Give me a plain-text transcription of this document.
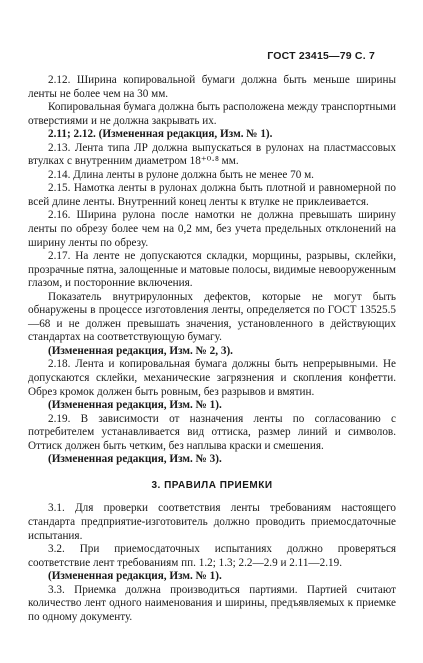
ГОСТ 23415—79 С. 7

2.12. Ширина копировальной бумаги должна быть меньше ширины ленты не более чем на 30 мм.

Копировальная бумага должна быть расположена между транспортными отверстиями и не должна закрывать их.

2.11; 2.12. (Измененная редакция, Изм. № 1).

2.13. Лента типа ЛР должна выпускаться в рулонах на пластмассовых втулках с внутренним диаметром 18⁺⁰·⁸ мм.

2.14. Длина ленты в рулоне должна быть не менее 70 м.

2.15. Намотка ленты в рулонах должна быть плотной и равномерной по всей длине ленты. Внутренний конец ленты к втулке не приклеивается.

2.16. Ширина рулона после намотки не должна превышать ширину ленты по обрезу более чем на 0,2 мм, без учета предельных отклонений на ширину ленты по обрезу.

2.17. На ленте не допускаются складки, морщины, разрывы, склейки, прозрачные пятна, залощенные и матовые полосы, видимые невооруженным глазом, и посторонние включения.

Показатель внутрирулонных дефектов, которые не могут быть обнаружены в процессе изготовления ленты, определяется по ГОСТ 13525.5—68 и не должен превышать значения, установленного в действующих стандартах на соответствующую бумагу.

(Измененная редакция, Изм. № 2, 3).

2.18. Лента и копировальная бумага должны быть непрерывными. Не допускаются склейки, механические загрязнения и скопления конфетти. Обрез кромок должен быть ровным, без разрывов и вмятин.

(Измененная редакция, Изм. № 1).

2.19. В зависимости от назначения ленты по согласованию с потребителем устанавливается вид оттиска, размер линий и символов. Оттиск должен быть четким, без наплыва краски и смешения.

(Измененная редакция, Изм. № 3).

3. ПРАВИЛА ПРИЕМКИ

3.1. Для проверки соответствия ленты требованиям настоящего стандарта предприятие-изготовитель должно проводить приемосдаточные испытания.

3.2. При приемосдаточных испытаниях должно проверяться соответствие лент требованиям пп. 1.2; 1.3; 2.2—2.9 и 2.11—2.19.

(Измененная редакция, Изм. № 1).

3.3. Приемка должна производиться партиями. Партией считают количество лент одного наименования и ширины, предъявляемых к приемке по одному документу.
